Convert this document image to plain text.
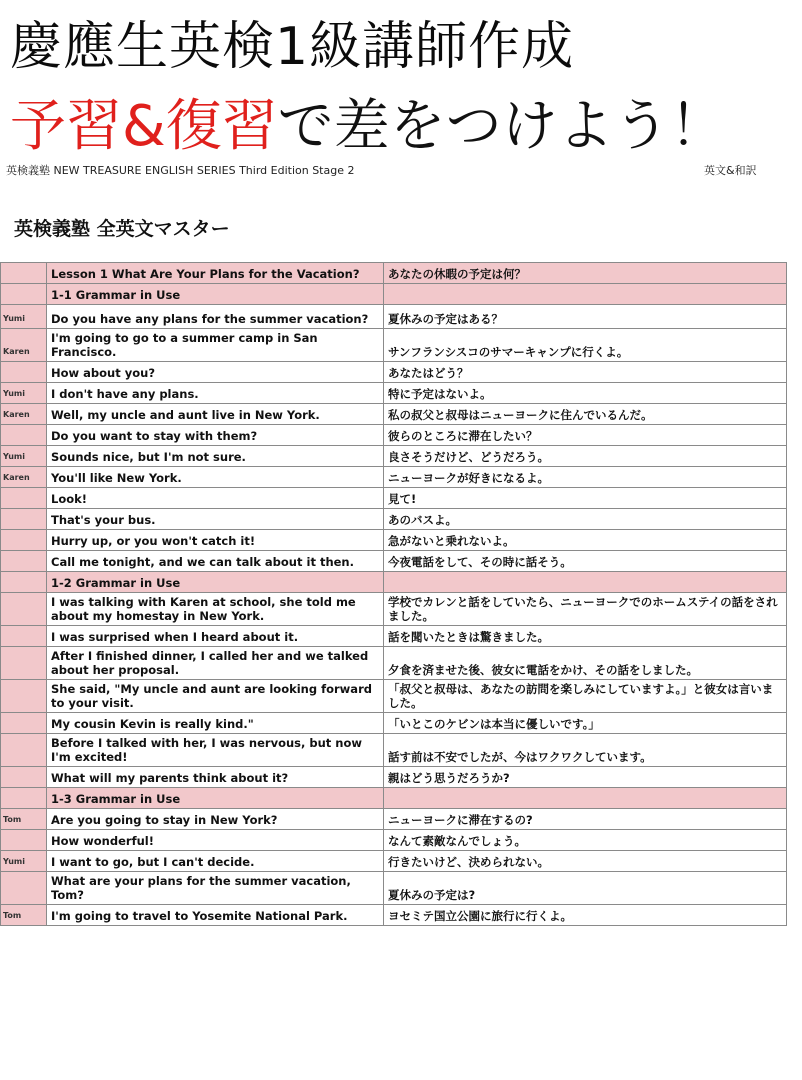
慶應生英検1級講師作成
予習&復習で差をつけよう！
英検義塾 NEW TREASURE ENGLISH SERIES Third Edition Stage 2	英文&和訳
英検義塾 全英文マスター
	Lesson 1 What Are Your Plans for the Vacation?	あなたの休暇の予定は何？
	1-1 Grammar in Use	
Yumi	Do you have any plans for the summer vacation?	夏休みの予定はある？
Karen	I'm going to go to a summer camp in San Francisco.	サンフランシスコのサマーキャンプに行くよ。
	How about you?	あなたはどう？
Yumi	I don't have any plans.	特に予定はないよ。
Karen	Well, my uncle and aunt live in New York.	私の叔父と叔母はニューヨークに住んでいるんだ。
	Do you want to stay with them?	彼らのところに滞在したい？
Yumi	Sounds nice, but I'm not sure.	良さそうだけど、どうだろう。
Karen	You'll like New York.	ニューヨークが好きになるよ。
	Look!	見て!
	That's your bus.	あのバスよ。
	Hurry up, or you won't catch it!	急がないと乗れないよ。
	Call me tonight, and we can talk about it then.	今夜電話をして、その時に話そう。
	1-2 Grammar in Use	
	I was talking with Karen at school, she told me about my homestay in New York.	学校でカレンと話をしていたら、ニューヨークでのホームステイの話をされました。
	I was surprised when I heard about it.	話を聞いたときは驚きました。
	After I finished dinner, I called her and we talked about her proposal.	夕食を済ませた後、彼女に電話をかけ、その話をしました。
	She said, "My uncle and aunt are looking forward to your visit.	「叔父と叔母は、あなたの訪問を楽しみにしていますよ。」と彼女は言いました。
	My cousin Kevin is really kind."	「いとこのケビンは本当に優しいです。」
	Before I talked with her, I was nervous, but now I'm excited!	話す前は不安でしたが、今はワクワクしています。
	What will my parents think about it?	親はどう思うだろうか?
	1-3 Grammar in Use	
Tom	Are you going to stay in New York?	ニューヨークに滞在するの?
	How wonderful!	なんて素敵なんでしょう。
Yumi	I want to go, but I can't decide.	行きたいけど、決められない。
	What are your plans for the summer vacation, Tom?	夏休みの予定は?
Tom	I'm going to travel to Yosemite National Park.	ヨセミテ国立公園に旅行に行くよ。
